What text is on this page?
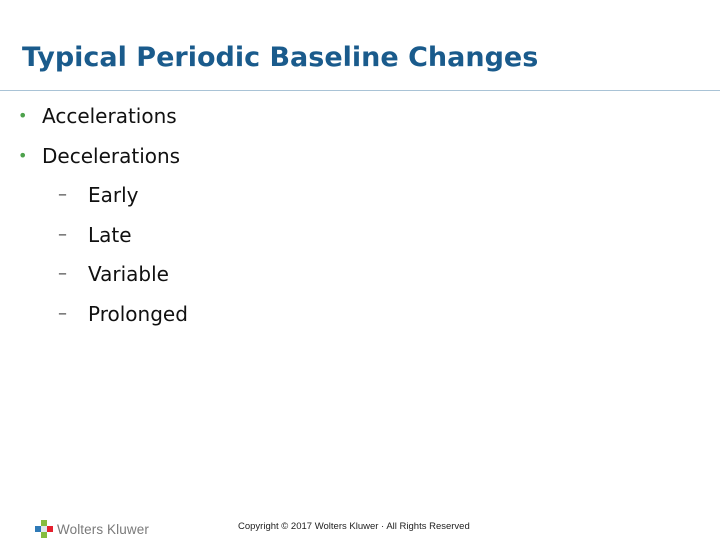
Typical Periodic Baseline Changes
• Accelerations
• Decelerations
– Early
– Late
– Variable
– Prolonged
Wolters Kluwer	Copyright © 2017 Wolters Kluwer · All Rights Reserved
